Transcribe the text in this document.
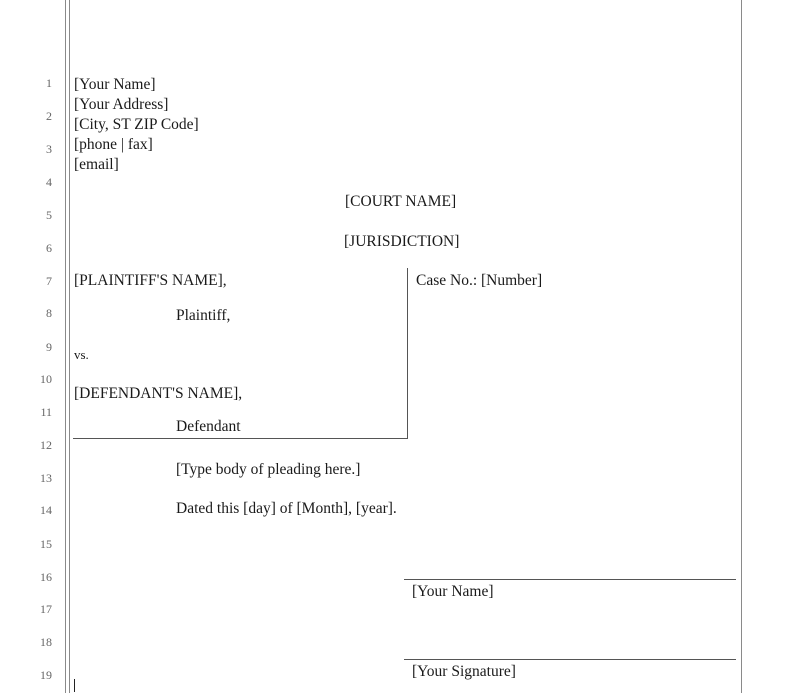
1
2
3
4
5
6
7
8
9
10
11
12
13
14
15
16
17
18
19
[Your Name]
[Your Address]
[City, ST ZIP Code]
[phone | fax]
[email]
[COURT NAME]
[JURISDICTION]
[PLAINTIFF'S NAME],
Plaintiff,
vs.
[DEFENDANT'S NAME],
Defendant
Case No.: [Number]
[Type body of pleading here.]
Dated this [day] of [Month], [year].
[Your Name]
[Your Signature]
